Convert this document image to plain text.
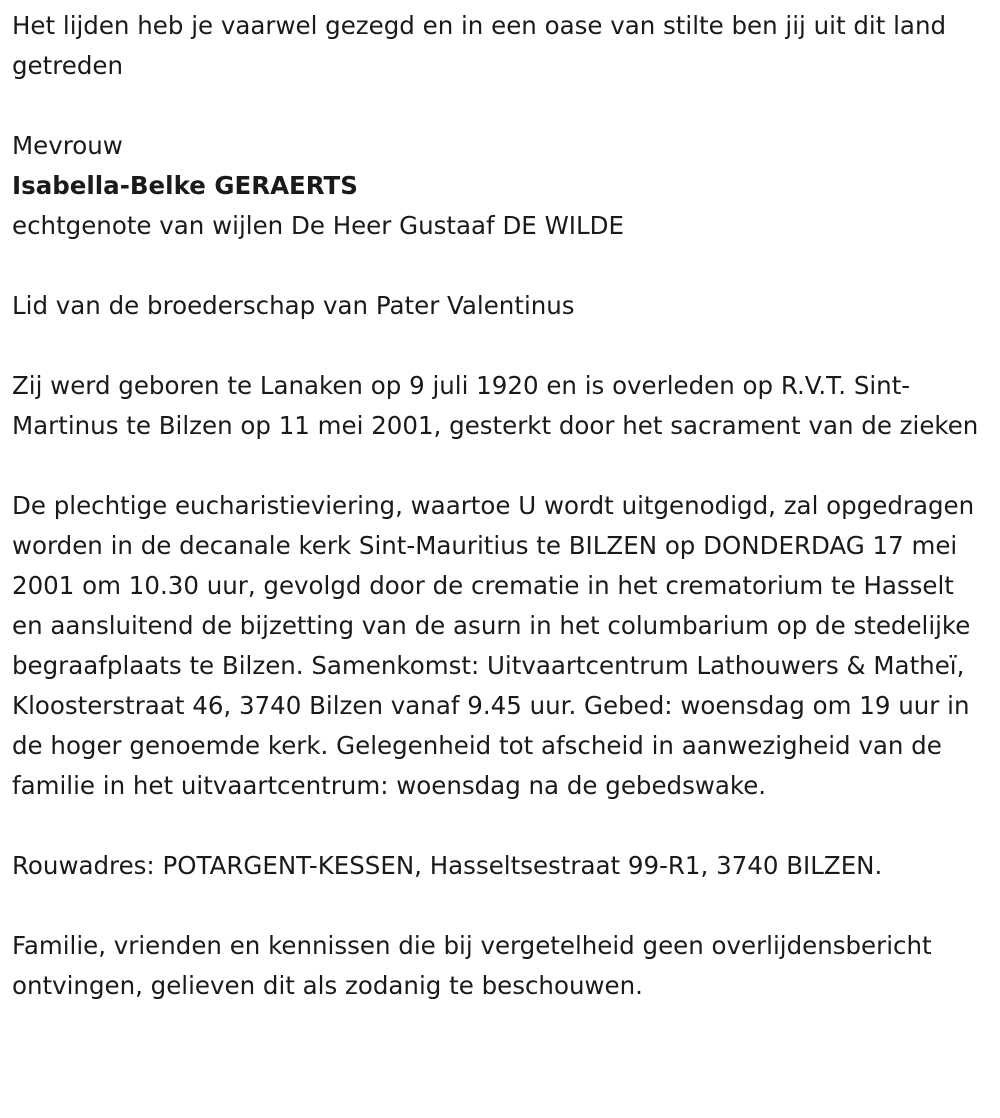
Het lijden heb je vaarwel gezegd en in een oase van stilte ben jij uit dit land getreden

Mevrouw

Isabella-Belke GERAERTS

echtgenote van wijlen De Heer Gustaaf DE WILDE

Lid van de broederschap van Pater Valentinus

Zij werd geboren te Lanaken op 9 juli 1920 en is overleden op R.V.T. Sint-Martinus te Bilzen op 11 mei 2001, gesterkt door het sacrament van de zieken

De plechtige eucharistieviering, waartoe U wordt uitgenodigd, zal opgedragen worden in de decanale kerk Sint-Mauritius te BILZEN op DONDERDAG 17 mei 2001 om 10.30 uur, gevolgd door de crematie in het crematorium te Hasselt en aansluitend de bijzetting van de asurn in het columbarium op de stedelijke begraafplaats te Bilzen. Samenkomst: Uitvaartcentrum Lathouwers & Matheï, Kloosterstraat 46, 3740 Bilzen vanaf 9.45 uur. Gebed: woensdag om 19 uur in de hoger genoemde kerk. Gelegenheid tot afscheid in aanwezigheid van de familie in het uitvaartcentrum: woensdag na de gebedswake.

Rouwadres: POTARGENT-KESSEN, Hasseltsestraat 99-R1, 3740 BILZEN.

Familie, vrienden en kennissen die bij vergetelheid geen overlijdensbericht ontvingen, gelieven dit als zodanig te beschouwen.
